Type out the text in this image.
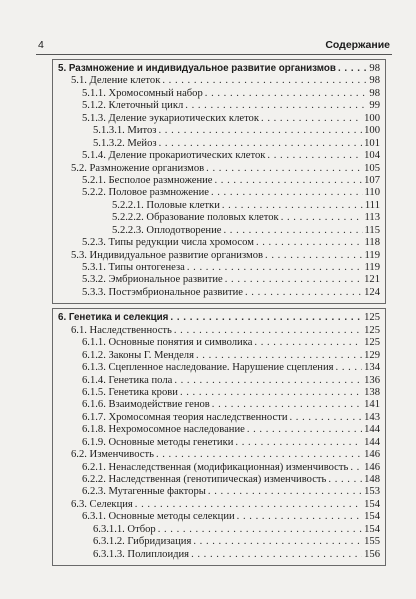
4	Содержание
5. Размножение и индивидуальное развитие организмов . . .	98
5.1. Деление клеток . . .	98
5.1.1. Хромосомный набор . . .	98
5.1.2. Клеточный цикл . . .	99
5.1.3. Деление эукариотических клеток . . .	100
5.1.3.1. Митоз . . .	100
5.1.3.2. Мейоз . . .	101
5.1.4. Деление прокариотических клеток . . .	104
5.2. Размножение организмов . . .	105
5.2.1. Бесполое размножение . . .	107
5.2.2. Половое размножение . . .	110
5.2.2.1. Половые клетки . . .	111
5.2.2.2. Образование половых клеток . . .	113
5.2.2.3. Оплодотворение . . .	115
5.2.3. Типы редукции числа хромосом . . .	118
5.3. Индивидуальное развитие организмов . . .	119
5.3.1. Типы онтогенеза . . .	119
5.3.2. Эмбриональное развитие . . .	121
5.3.3. Постэмбриональное развитие . . .	124
6. Генетика и селекция . . .	125
6.1. Наследственность . . .	125
6.1.1. Основные понятия и символика . . .	125
6.1.2. Законы Г. Менделя . . .	129
6.1.3. Сцепленное наследование. Нарушение сцепления . . .	134
6.1.4. Генетика пола . . .	136
6.1.5. Генетика крови . . .	138
6.1.6. Взаимодействие генов . . .	141
6.1.7. Хромосомная теория наследственности . . .	143
6.1.8. Нехромосомное наследование . . .	144
6.1.9. Основные методы генетики . . .	144
6.2. Изменчивость . . .	146
6.2.1. Ненаследственная (модификационная) изменчивость . . . 146
6.2.2. Наследственная (генотипическая) изменчивость . . .	148
6.2.3. Мутагенные факторы . . .	153
6.3. Селекция . . .	154
6.3.1. Основные методы селекции . . .	154
6.3.1.1. Отбор . . .	154
6.3.1.2. Гибридизация . . .	155
6.3.1.3. Полиплоидия . . .	156
